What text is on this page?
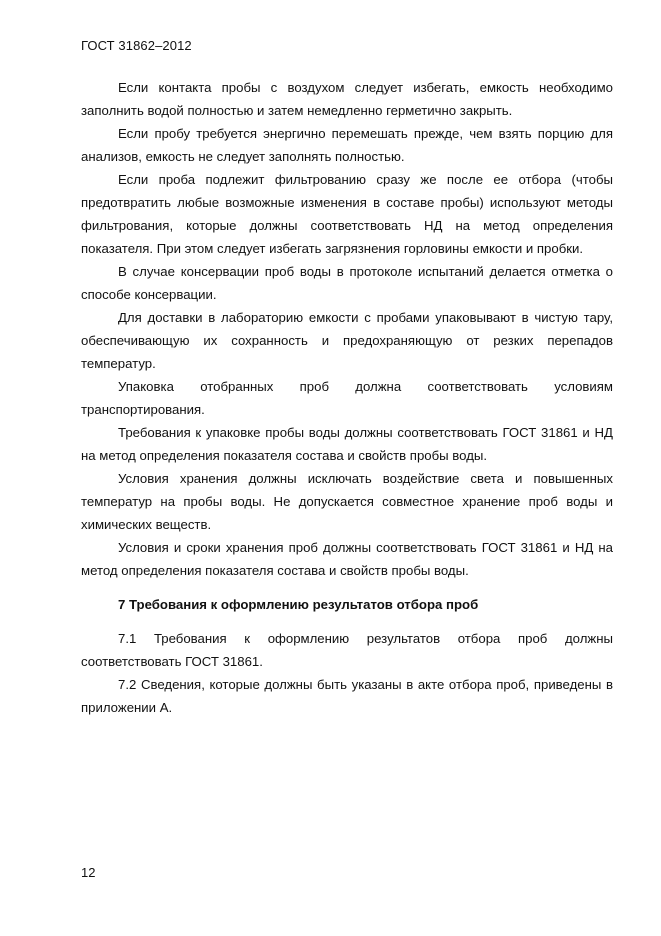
ГОСТ 31862–2012

Если контакта пробы с воздухом следует избегать, емкость необходимо заполнить водой полностью и затем немедленно герметично закрыть.

Если пробу требуется энергично перемешать прежде, чем взять порцию для анализов, емкость не следует заполнять полностью.

Если проба подлежит фильтрованию сразу же после ее отбора (чтобы предотвратить любые возможные изменения в составе пробы) используют методы фильтрования, которые должны соответствовать НД на метод определения показателя. При этом следует избегать загрязнения горловины емкости и пробки.

В случае консервации проб воды в протоколе испытаний делается отметка о способе консервации.

Для доставки в лабораторию емкости с пробами упаковывают в чистую тару, обеспечивающую их сохранность и предохраняющую от резких перепадов температур.

Упаковка отобранных проб должна соответствовать условиям транспортирования.

Требования к упаковке пробы воды должны соответствовать ГОСТ 31861 и НД на метод определения показателя состава и свойств пробы воды.

Условия хранения должны исключать воздействие света и повышенных температур на пробы воды. Не допускается совместное хранение проб воды и химических веществ.

Условия и сроки хранения проб должны соответствовать ГОСТ 31861 и НД на метод определения показателя состава и свойств пробы воды.

7 Требования к оформлению результатов отбора проб

7.1 Требования к оформлению результатов отбора проб должны соответствовать ГОСТ 31861.

7.2 Сведения, которые должны быть указаны в акте отбора проб, приведены в приложении А.

12
